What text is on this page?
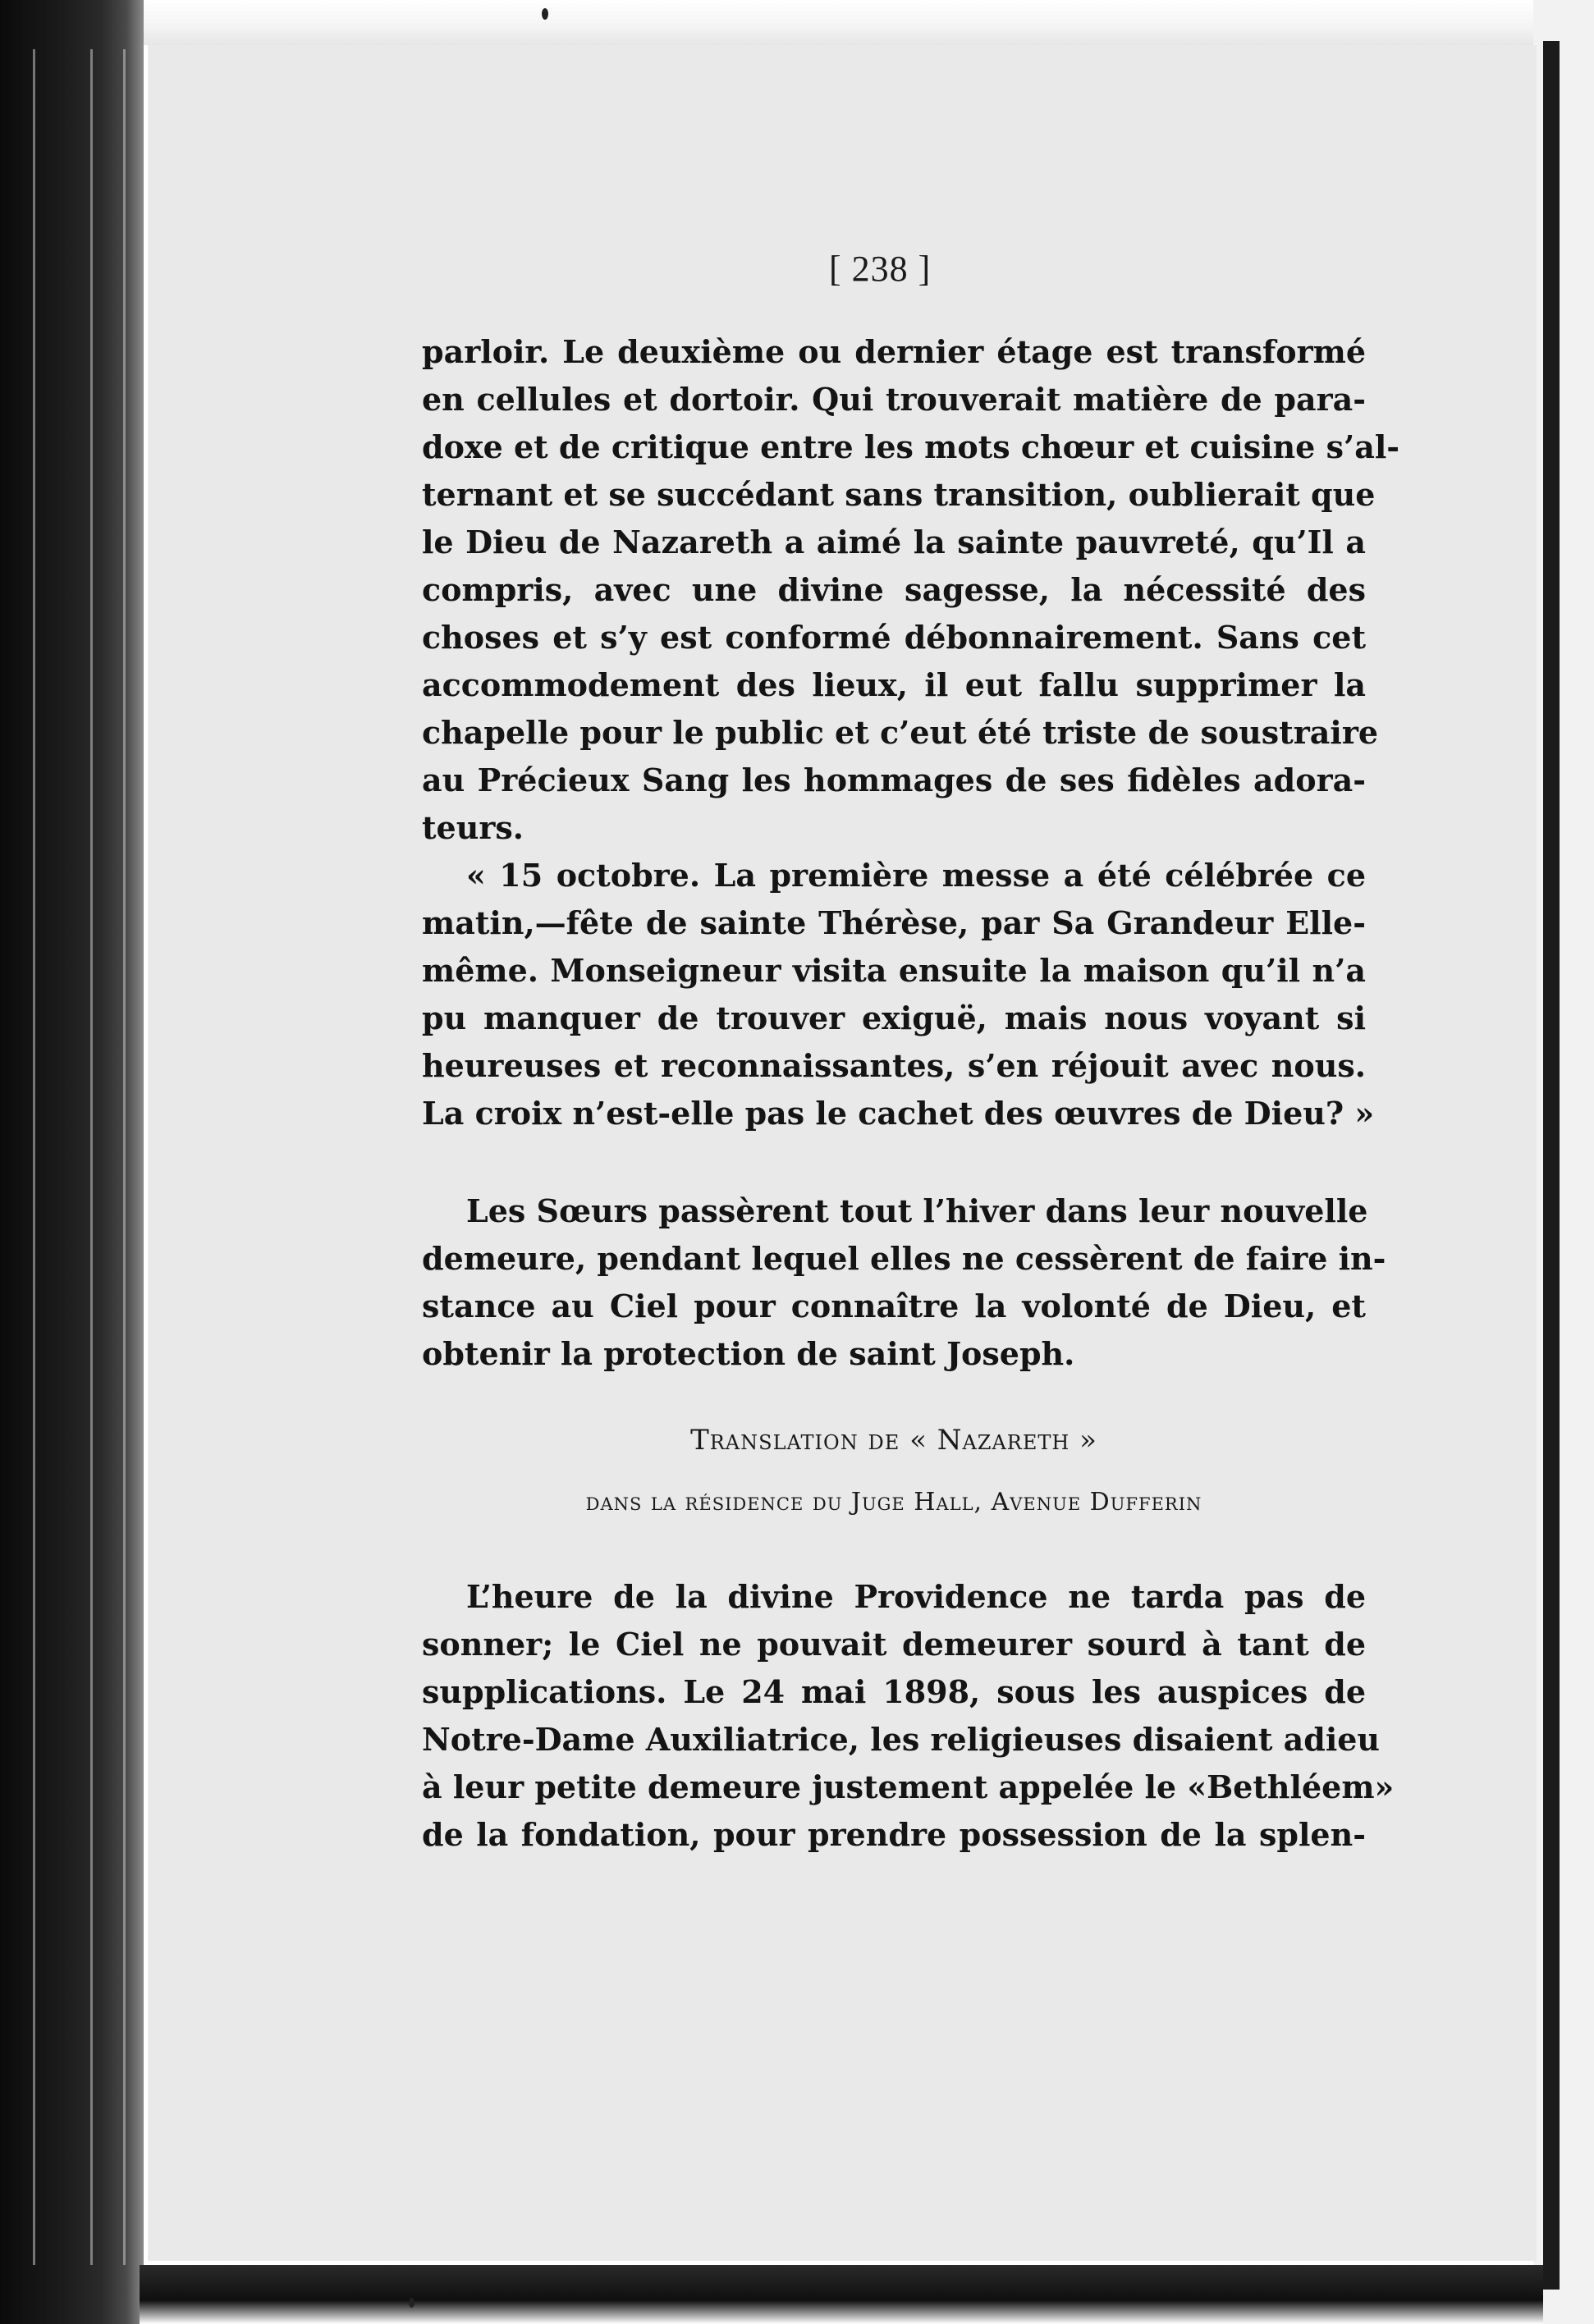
[ 238 ]
parloir. Le deuxième ou dernier étage est transformé
en cellules et dortoir. Qui trouverait matière de para-
doxe et de critique entre les mots chœur et cuisine s’al-
ternant et se succédant sans transition, oublierait que
le Dieu de Nazareth a aimé la sainte pauvreté, qu’Il a
compris, avec une divine sagesse, la nécessité des
choses et s’y est conformé débonnairement. Sans cet
accommodement des lieux, il eut fallu supprimer la
chapelle pour le public et c’eut été triste de soustraire
au Précieux Sang les hommages de ses fidèles adora-
teurs.
« 15 octobre. La première messe a été célébrée ce
matin,—fête de sainte Thérèse, par Sa Grandeur Elle-
même. Monseigneur visita ensuite la maison qu’il n’a
pu manquer de trouver exiguë, mais nous voyant si
heureuses et reconnaissantes, s’en réjouit avec nous.
La croix n’est-elle pas le cachet des œuvres de Dieu? »
Les Sœurs passèrent tout l’hiver dans leur nouvelle
demeure, pendant lequel elles ne cessèrent de faire in-
stance au Ciel pour connaître la volonté de Dieu, et
obtenir la protection de saint Joseph.
Translation de « Nazareth »
dans la résidence du Juge Hall, Avenue Dufferin
L’heure de la divine Providence ne tarda pas de
sonner; le Ciel ne pouvait demeurer sourd à tant de
supplications. Le 24 mai 1898, sous les auspices de
Notre-Dame Auxiliatrice, les religieuses disaient adieu
à leur petite demeure justement appelée le «Bethléem»
de la fondation, pour prendre possession de la splen-
